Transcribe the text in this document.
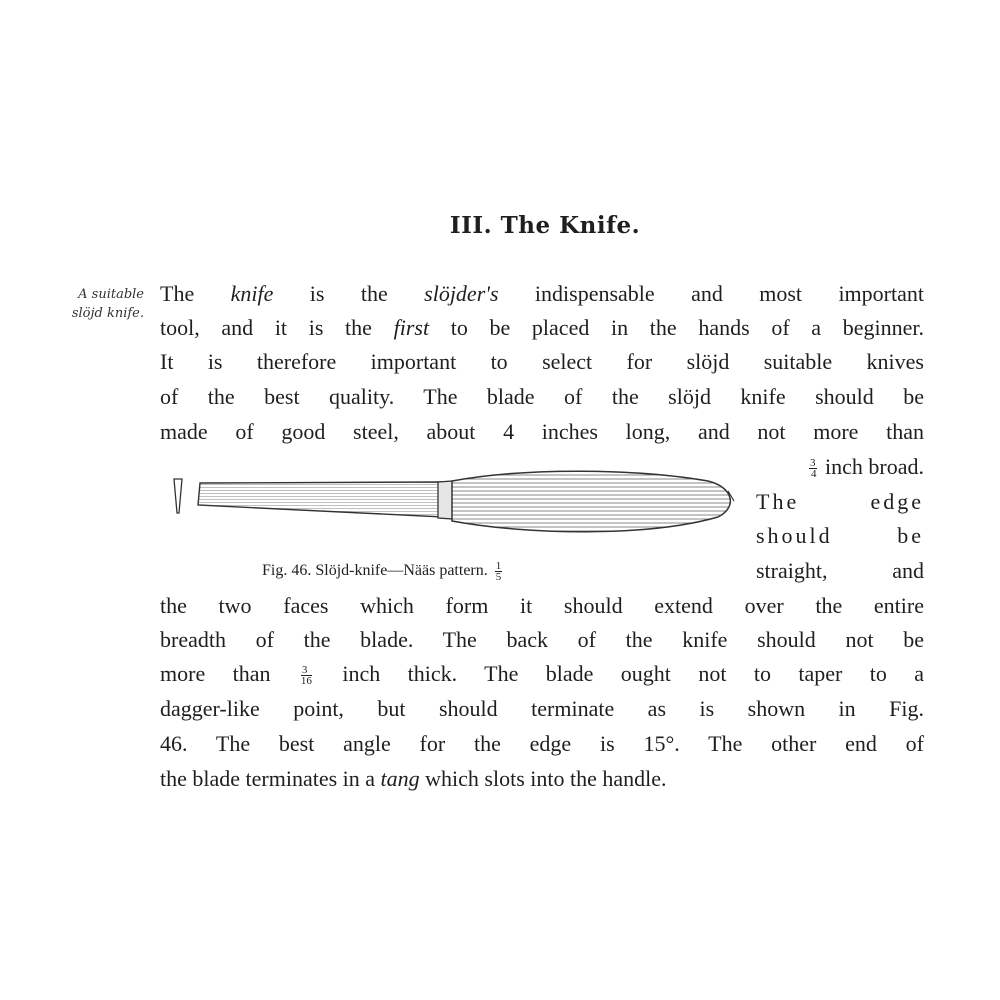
III. The Knife.
A suitable
slöjd knife.
The knife is the slöjder's indispensable and most important
tool, and it is the first to be placed in the hands of a beginner.
It is therefore important to select for slöjd suitable knives
of the best quality. The blade of the slöjd knife should be
made of good steel, about 4 inches long, and not more than
$\frac{3}{4}$ inch broad.
The edge
should be
straight, and
Fig. 46. Slöjd-knife—Nääs pattern. $\frac{1}{5}$
the two faces which form it should extend over the entire
breadth of the blade. The back of the knife should not be
more than	$\frac{3}{16}$ inch thick. The blade ought not to taper to a
dagger-like point, but should terminate as is shown in Fig.
46. The best angle for the edge is 15°. The other end of
the blade terminates in a tang which slots into the handle.
